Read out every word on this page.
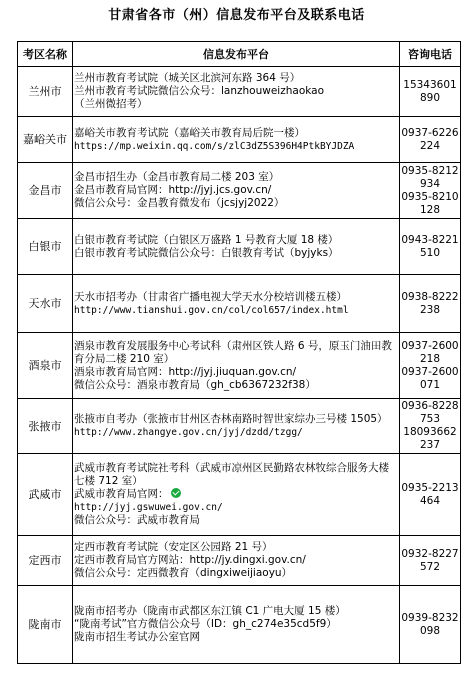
甘肃省各市（州）信息发布平台及联系电话
考区名称	信息发布平台	咨询电话
兰州市	兰州市教育考试院（城关区北滨河东路 364 号）
兰州市教育考试院微信公众号：lanzhouweizhaokao
（兰州微招考）	15343601890

嘉峪关市	嘉峪关市教育考试院（嘉峪关市教育局后院一楼）
https://mp.weixin.qq.com/s/zlC3dZ5S396H4PtkBYJDZA	0937-6226224

金昌市	金昌市招生办（金昌市教育局二楼 203 室）
金昌市教育局官网：http://jyj.jcs.gov.cn/
微信公众号：金昌教育微发布（jcsjyj2022）	0935-8212934
0935-8210128

白银市	白银市教育考试院（白银区万盛路 1 号教育大厦 18 楼）
白银市教育考试院微信公众号：白银教育考试（byjyks）	0943-8221510

天水市	天水市招考办（甘肃省广播电视大学天水分校培训楼五楼）
http://www.tianshui.gov.cn/col/col657/index.html	0938-8222238

酒泉市	酒泉市教育发展服务中心考试科（肃州区铁人路 6 号，原玉门油田教育分局二楼 210 室）
酒泉市教育局官网：http://jyj.jiuquan.gov.cn/
微信公众号：酒泉市教育局（gh_cb6367232f38）	0937-2600218
0937-2600071

张掖市	张掖市自考办（张掖市甘州区杏林南路时智世家综办三号楼 1505）
http://www.zhangye.gov.cn/jyj/dzdd/tzgg/	0936-8228753
18093662237

武威市	武威市教育考试院社考科（武威市凉州区民勤路农林牧综合服务大楼七楼 712 室）
武威市教育局官网：
http://jyj.gswuwei.gov.cn/
微信公众号：武威市教育局	0935-2213464

定西市	定西市教育考试院（安定区公园路 21 号）
定西市教育局官方网站：http://jy.dingxi.gov.cn/
微信公众号：定西微教育（dingxiweijiaoyu）	0932-8227572

陇南市	陇南市招考办（陇南市武都区东江镇 C1 广电大厦 15 楼）
“陇南考试”官方微信公众号（ID：gh_c274e35cd5f9）
陇南市招生考试办公室官网	0939-8232098
